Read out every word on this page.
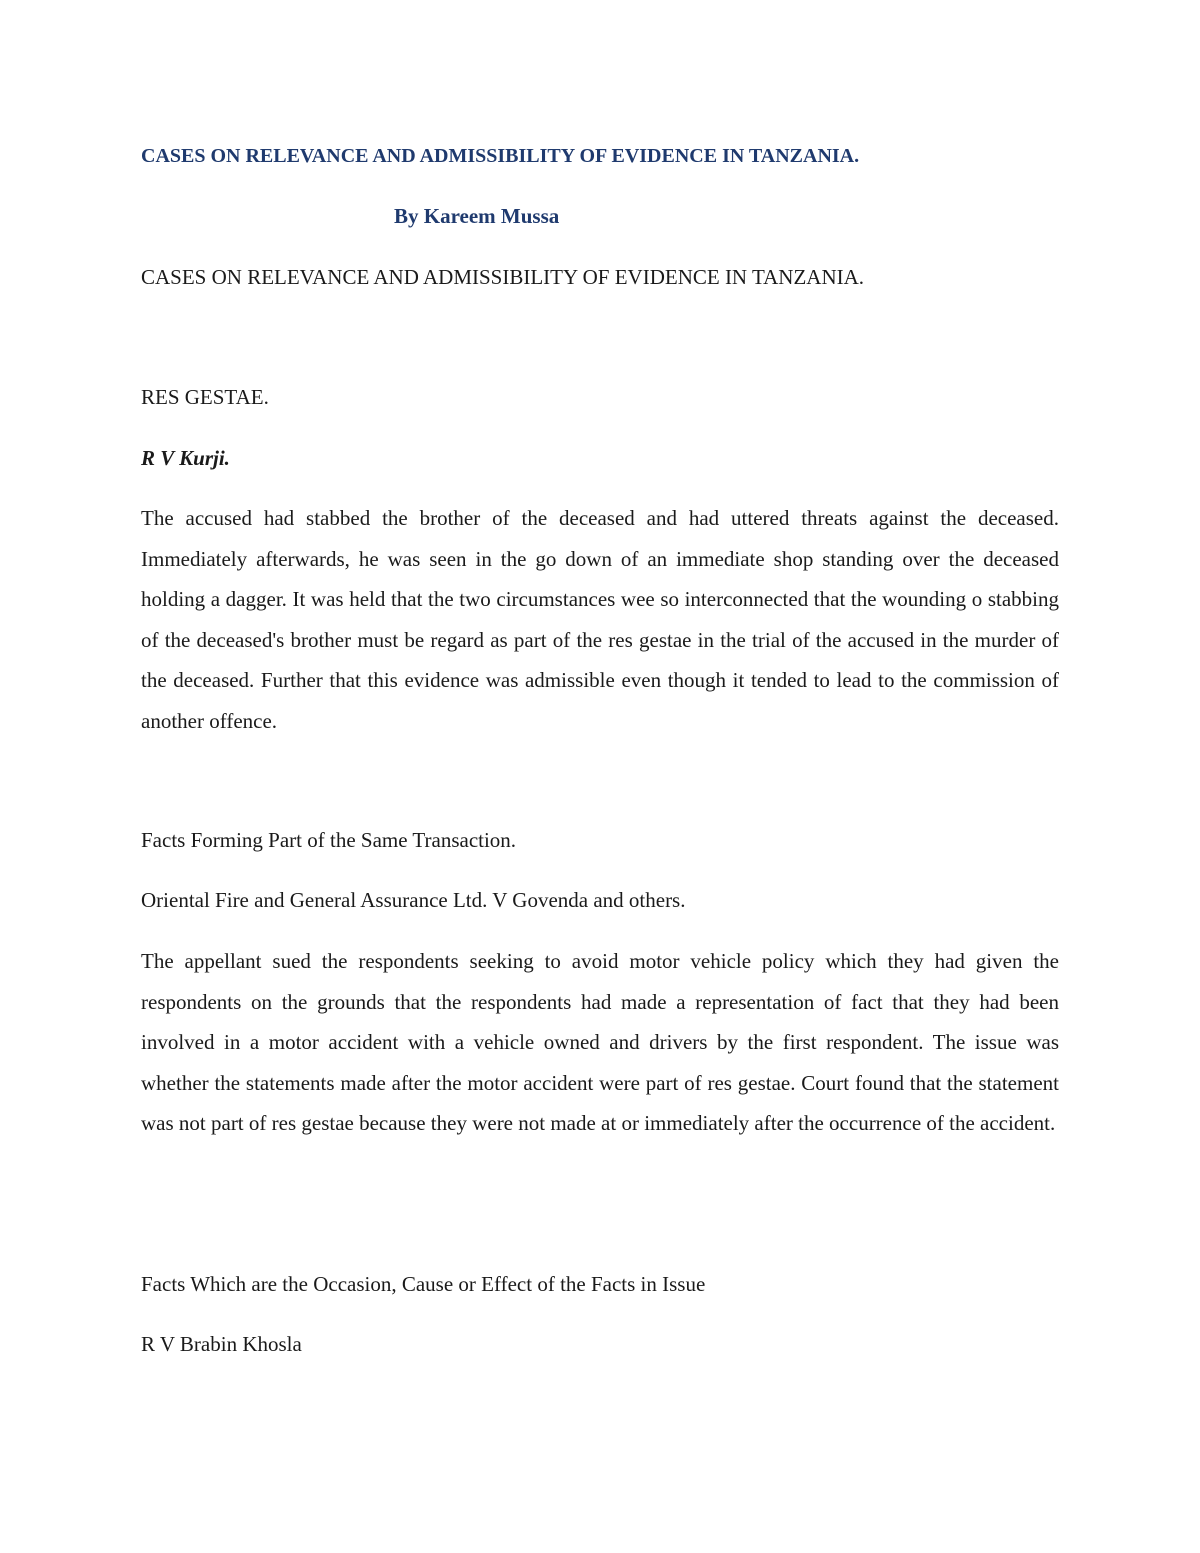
CASES ON RELEVANCE AND ADMISSIBILITY OF EVIDENCE IN TANZANIA.

By Kareem Mussa

CASES ON RELEVANCE AND ADMISSIBILITY OF EVIDENCE IN TANZANIA.

RES GESTAE.

R V Kurji.

The accused had stabbed the brother of the deceased and had uttered threats against the deceased. Immediately afterwards, he was seen in the go down of an immediate shop standing over the deceased holding a dagger. It was held that the two circumstances wee so interconnected that the wounding o stabbing of the deceased's brother must be regard as part of the res gestae in the trial of the accused in the murder of the deceased. Further that this evidence was admissible even though it tended to lead to the commission of another offence.

Facts Forming Part of the Same Transaction.

Oriental Fire and General Assurance Ltd. V Govenda and others.

The appellant sued the respondents seeking to avoid motor vehicle policy which they had given the respondents on the grounds that the respondents had made a representation of fact that they had been involved in a motor accident with a vehicle owned and drivers by the first respondent. The issue was whether the statements made after the motor accident were part of res gestae. Court found that the statement was not part of res gestae because they were not made at or immediately after the occurrence of the accident.

Facts Which are the Occasion, Cause or Effect of the Facts in Issue

R V Brabin Khosla
